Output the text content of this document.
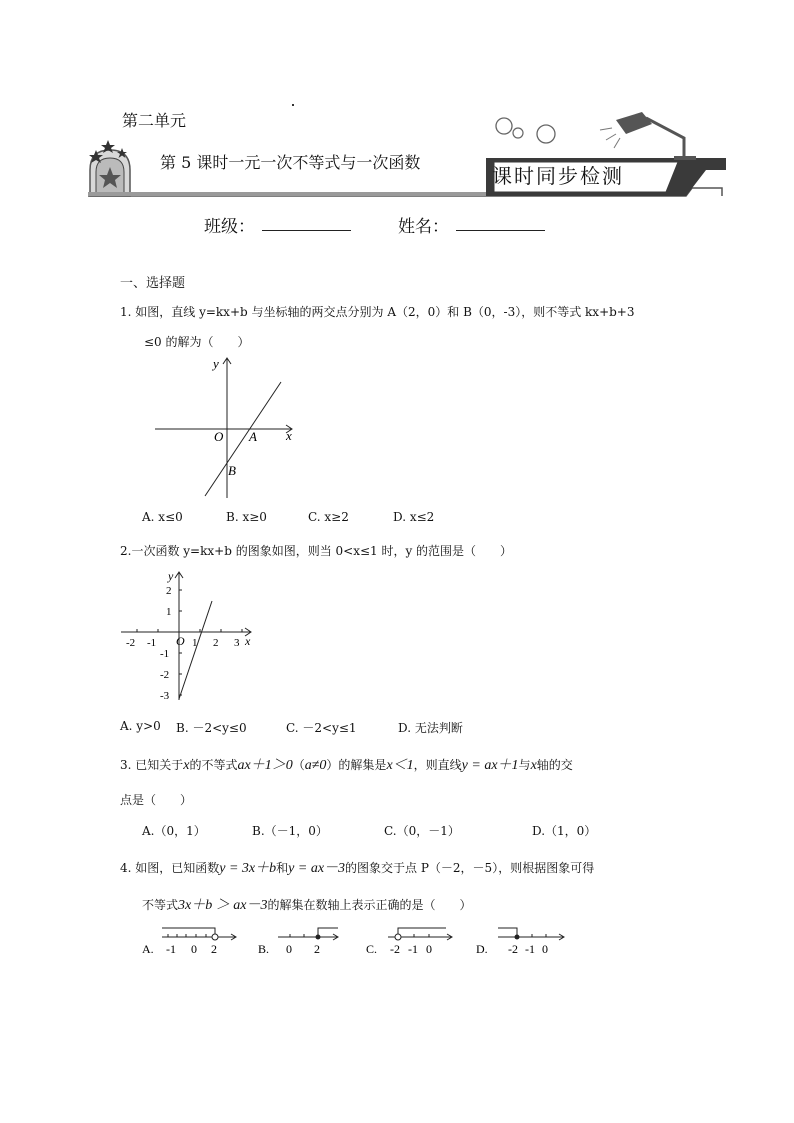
第二单元
第 5 课时一元一次不等式与一次函数
课时同步检测
班级：	姓名：
一、选择题
1. 如图，直线 y=kx+b 与坐标轴的两交点分别为 A（2，0）和 B（0，-3），则不等式 kx+b+3
≤0 的解为（　　）
y
x
O A
B
A. x≤0	B. x≥0	C. x≥2	D. x≤2
2.一次函数 y=kx+b 的图象如图，则当 0<x≤1 时，y 的范围是（　　）
y
x
O
-2 -1	1 2 3
2
1
-1
-2
-3
A. y>0 B. －2<y≤0	C. －2<y≤1	D. 无法判断
3. 已知关于x的不等式ax＋1＞0（a≠0）的解集是x＜1，则直线y = ax＋1与x轴的交
点是（　　）
A.（0，1）	B.（－1，0）	C.（0，－1）	D.（1，0）
4. 如图，已知函数y = 3x＋b和y = ax－3的图象交于点 P（－2，－5），则根据图象可得
不等式3x＋b ＞ ax－3的解集在数轴上表示正确的是（　　）
A. -1 0 2	B. 0 2	C. -2 -1 0	D. -2 -1 0
